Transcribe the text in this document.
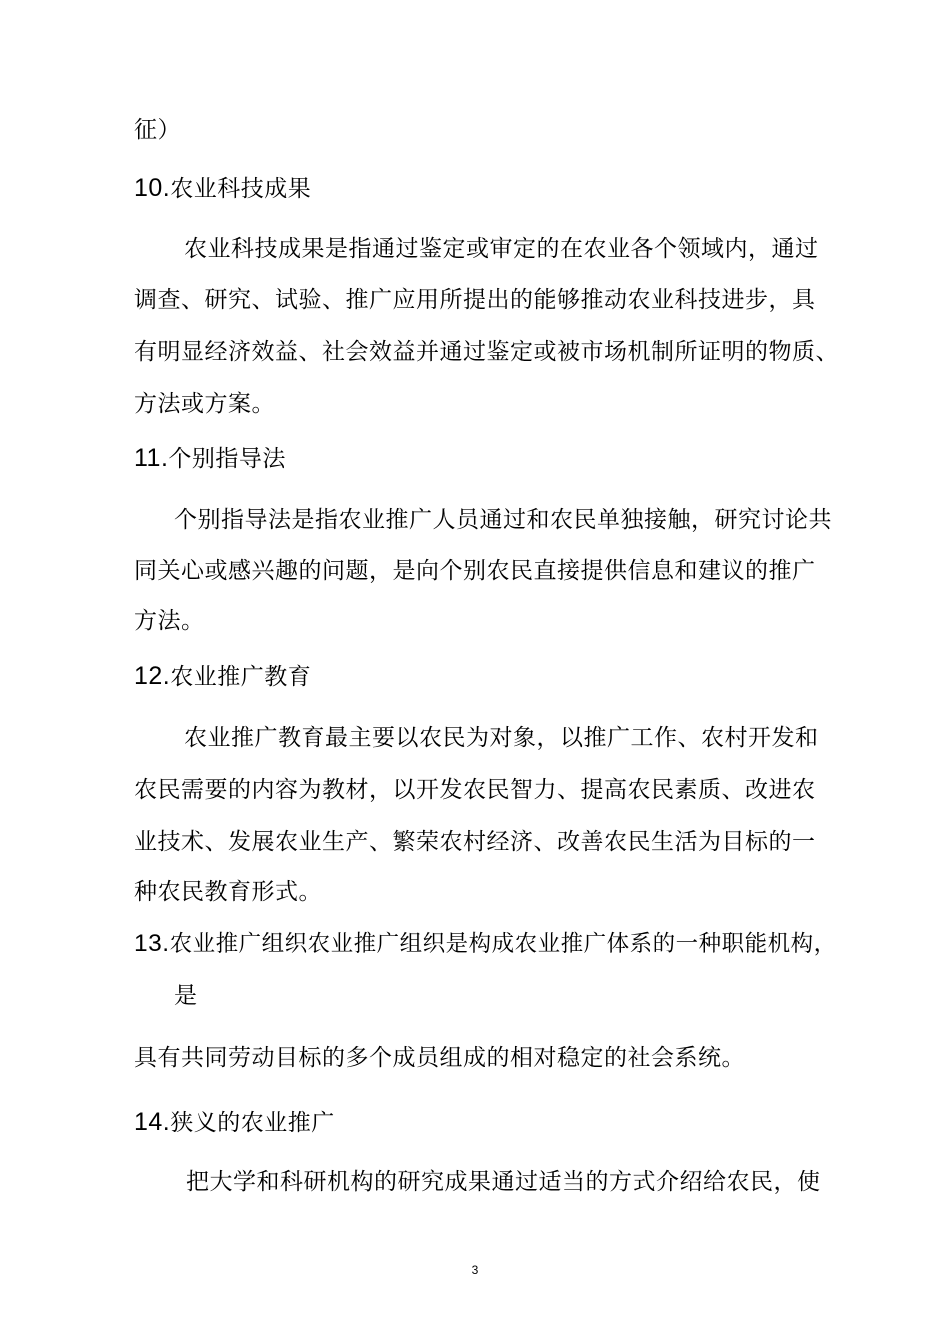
征）

10.农业科技成果

农业科技成果是指通过鉴定或审定的在农业各个领域内，通过

调查、研究、试验、推广应用所提出的能够推动农业科技进步，具

有明显经济效益、社会效益并通过鉴定或被市场机制所证明的物质、

方法或方案。

11.个别指导法

个别指导法是指农业推广人员通过和农民单独接触，研究讨论共

同关心或感兴趣的问题，是向个别农民直接提供信息和建议的推广

方法。

12.农业推广教育

农业推广教育最主要以农民为对象，以推广工作、农村开发和

农民需要的内容为教材，以开发农民智力、提高农民素质、改进农

业技术、发展农业生产、繁荣农村经济、改善农民生活为目标的一

种农民教育形式。

13.农业推广组织农业推广组织是构成农业推广体系的一种职能机构，

是

具有共同劳动目标的多个成员组成的相对稳定的社会系统。

14.狭义的农业推广

把大学和科研机构的研究成果通过适当的方式介绍给农民，使

3
